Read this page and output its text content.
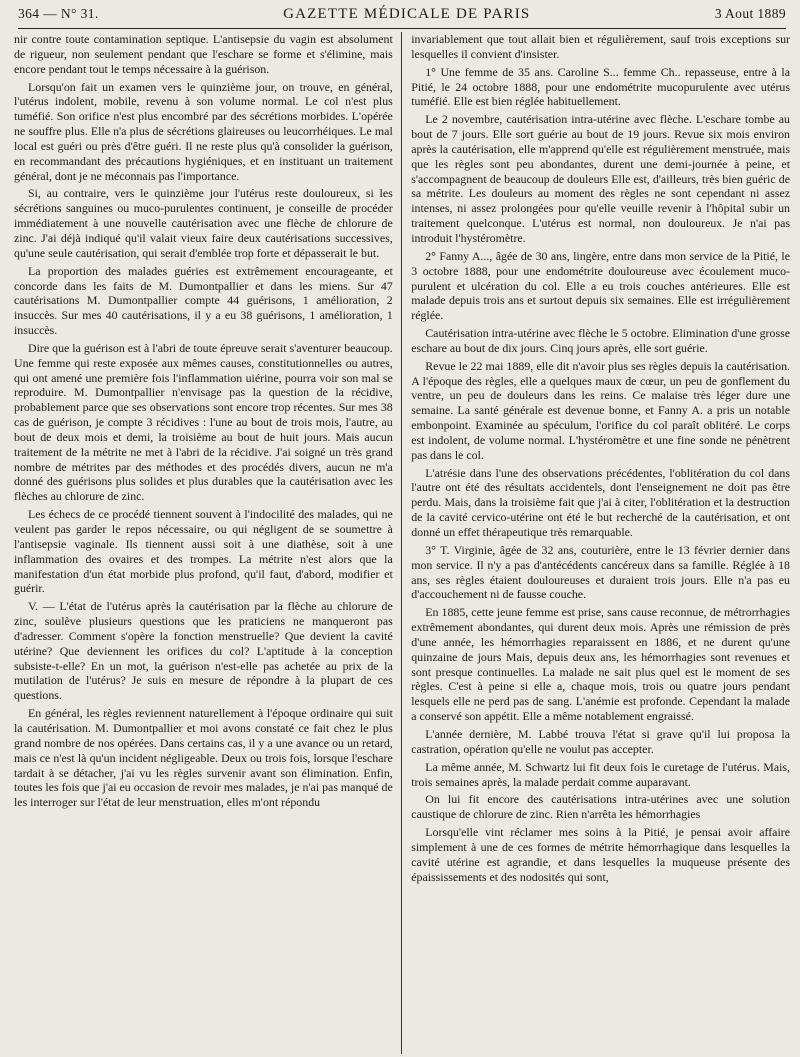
364 — N° 31.	GAZETTE MÉDICALE DE PARIS	3 Aout 1889

nir contre toute contamination septique. L'antisepsie du vagin est absolument de rigueur, non seulement pendant que l'eschare se forme et s'élimine, mais encore pendant tout le temps nécessaire à la guérison.

Lorsqu'on fait un examen vers le quinzième jour, on trouve, en général, l'utérus indolent, mobile, revenu à son volume normal. Le col n'est plus tuméfié. Son orifice n'est plus encombré par des sécrétions morbides. L'opérée ne souffre plus. Elle n'a plus de sécrétions glaireuses ou leucorrhéiques. Le mal local est guéri ou près d'être guéri. Il ne reste plus qu'à consolider la guérison, en recommandant des précautions hygiéniques, et en instituant un traitement général, dont je ne méconnais pas l'importance.

Si, au contraire, vers le quinzième jour l'utérus reste douloureux, si les sécrétions sanguines ou muco-purulentes continuent, je conseille de procéder immédiatement à une nouvelle cautérisation avec une flèche de chlorure de zinc. J'ai déjà indiqué qu'il valait vieux faire deux cautérisations successives, qu'une seule cautérisation, qui serait d'emblée trop forte et dépasserait le but.

La proportion des malades guéries est extrêmement encourageante, et concorde dans les faits de M. Dumontpallier et dans les miens. Sur 47 cautérisations M. Dumontpallier compte 44 guérisons, 1 amélioration, 2 insuccès. Sur mes 40 cautérisations, il y a eu 38 guérisons, 1 amélioration, 1 insuccès.

Dire que la guérison est à l'abri de toute épreuve serait s'aventurer beaucoup. Une femme qui reste exposée aux mêmes causes, constitutionnelles ou autres, qui ont amené une première fois l'inflammation uiérine, pourra voir son mal se reproduire. M. Dumontpallier n'envisage pas la question de la récidive, probablement parce que ses observations sont encore trop récentes. Sur mes 38 cas de guérison, je compte 3 récidives : l'une au bout de trois mois, l'autre, au bout de deux mois et demi, la troisième au bout de huit jours. Mais aucun traitement de la métrite ne met à l'abri de la récidive. J'ai soigné un très grand nombre de métrites par des méthodes et des procédés divers, aucun ne m'a donné des guérisons plus solides et plus durables que la cautérisation avec les flèches au chlorure de zinc.

Les échecs de ce procédé tiennent souvent à l'indocilité des malades, qui ne veulent pas garder le repos nécessaire, ou qui négligent de se soumettre à l'antisepsie vaginale. Ils tiennent aussi soit à une diathèse, soit à une inflammation des ovaires et des trompes. La métrite n'est alors que la manifestation d'un état morbide plus profond, qu'il faut, d'abord, modifier et guérir.

V. — L'état de l'utérus après la cautérisation par la flèche au chlorure de zinc, soulève plusieurs questions que les praticiens ne manqueront pas d'adresser. Comment s'opère la fonction menstruelle? Que devient la cavité utérine? Que deviennent les orifices du col? L'aptitude à la conception subsiste-t-elle? En un mot, la guérison n'est-elle pas achetée au prix de la mutilation de l'utérus? Je suis en mesure de répondre à la plupart de ces questions.

En général, les règles reviennent naturellement à l'époque ordinaire qui suit la cautérisation. M. Dumontpallier et moi avons constaté ce fait chez le plus grand nombre de nos opérées. Dans certains cas, il y a une avance ou un retard, mais ce n'est là qu'un incident négligeable. Deux ou trois fois, lorsque l'eschare tardait à se détacher, j'ai vu les règles survenir avant son élimination. Enfin, toutes les fois que j'ai eu occasion de revoir mes malades, je n'ai pas manqué de les interroger sur l'état de leur menstruation, elles m'ont répondu

invariablement que tout allait bien et régulièrement, sauf trois exceptions sur lesquelles il convient d'insister.

1° Une femme de 35 ans. Caroline S... femme Ch.. repasseuse, entre à la Pitié, le 24 octobre 1888, pour une endométrite mucopurulente avec utérus tuméfié. Elle est bien réglée habituellement.

Le 2 novembre, cautérisation intra-utérine avec flèche. L'eschare tombe au bout de 7 jours. Elle sort guérie au bout de 19 jours. Revue six mois environ après la cautérisation, elle m'apprend qu'elle est régulièrement menstruée, mais que les règles sont peu abondantes, durent une demi-journée à peine, et s'accompagnent de beaucoup de douleurs Elle est, d'ailleurs, très bien guéric de sa métrite. Les douleurs au moment des règles ne sont cependant ni assez intenses, ni assez prolongées pour qu'elle veuille revenir à l'hôpital subir un traitement quelconque. L'utérus est normal, non douloureux. Je n'ai pas introduit l'hystéromètre.

2° Fanny A..., âgée de 30 ans, lingère, entre dans mon service de la Pitié, le 3 octobre 1888, pour une endométrite douloureuse avec écoulement muco-purulent et ulcération du col. Elle a eu trois couches antérieures. Elle est malade depuis trois ans et surtout depuis six semaines. Elle est irrégulièrement réglée.

Cautérisation intra-utérine avec flèche le 5 octobre. Elimination d'une grosse eschare au bout de dix jours. Cinq jours après, elle sort guérie.

Revue le 22 mai 1889, elle dit n'avoir plus ses règles depuis la cautérisation. A l'époque des règles, elle a quelques maux de cœur, un peu de gonflement du ventre, un peu de douleurs dans les reins. Ce malaise très léger dure une semaine. La santé générale est devenue bonne, et Fanny A. a pris un notable embonpoint. Examinée au spéculum, l'orifice du col paraît oblitéré. Le corps est indolent, de volume normal. L'hystéromètre et une fine sonde ne pénètrent pas dans le col.

L'atrésie dans l'une des observations précédentes, l'oblitération du col dans l'autre ont été des résultats accidentels, dont l'enseignement ne doit pas être perdu. Mais, dans la troisième fait que j'ai à citer, l'oblitération et la destruction de la cavité cervico-utérine ont été le but recherché de la cautérisation, et ont donné un effet thérapeutique très remarquable.

3° T. Virginie, âgée de 32 ans, couturière, entre le 13 février dernier dans mon service. Il n'y a pas d'antécédents cancéreux dans sa famille. Réglée à 18 ans, ses règles étaient douloureuses et duraient trois jours. Elle n'a pas eu d'accouchement ni de fausse couche.

En 1885, cette jeune femme est prise, sans cause reconnue, de métrorrhagies extrêmement abondantes, qui durent deux mois. Après une rémission de près d'une année, les hémorrhagies reparaissent en 1886, et ne durent qu'une quinzaine de jours Mais, depuis deux ans, les hémorrhagies sont revenues et sont presque continuelles. La malade ne sait plus quel est le moment de ses règles. C'est à peine si elle a, chaque mois, trois ou quatre jours pendant lesquels elle ne perd pas de sang. L'anémie est profonde. Cependant la malade a conservé son appétit. Elle a même notablement engraissé.

L'année dernière, M. Labbé trouva l'état si grave qu'il lui proposa la castration, opération qu'elle ne voulut pas accepter.

La même année, M. Schwartz lui fit deux fois le curetage de l'utérus. Mais, trois semaines après, la malade perdait comme auparavant.

On lui fit encore des cautérisations intra-utérines avec une solution caustique de chlorure de zinc. Rien n'arrêta les hémorrhagies

Lorsqu'elle vint réclamer mes soins à la Pitié, je pensai avoir affaire simplement à une de ces formes de métrite hémorrhagique dans lesquelles la cavité utérine est agrandie, et dans lesquelles la muqueuse présente des épaississements et des nodosités qui sont,
